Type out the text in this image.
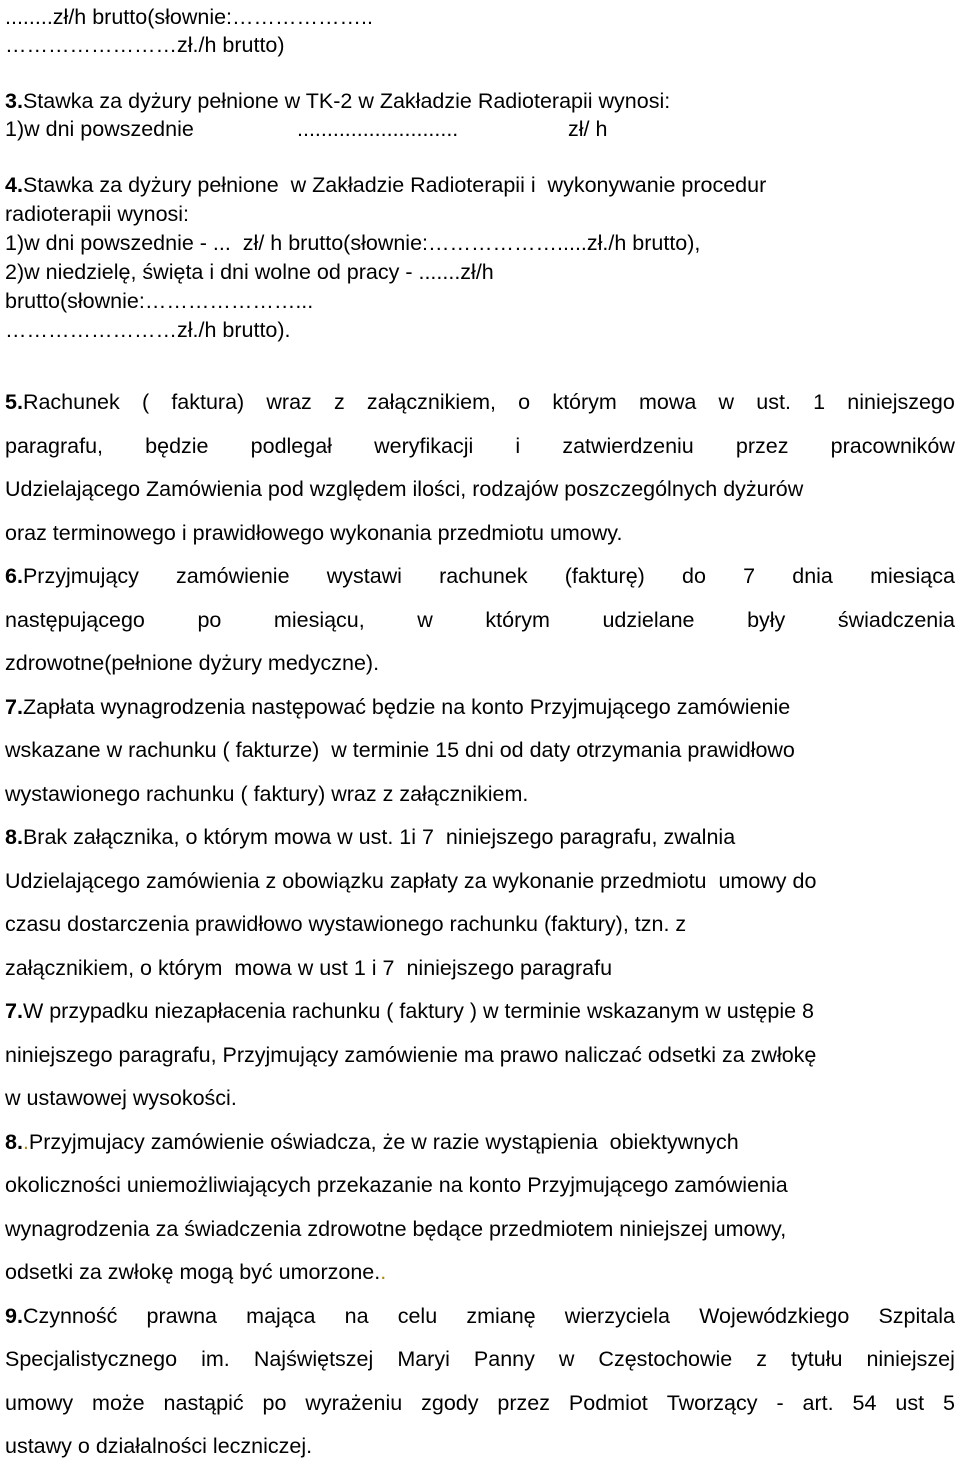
........zł/h brutto(słownie:………………..
……………………zł./h brutto)
3.Stawka za dyżury pełnione w TK-2 w Zakładzie Radioterapii wynosi:
1)w dni powszednie	...........................	zł/ h
4.Stawka za dyżury pełnione  w Zakładzie Radioterapii i  wykonywanie procedur
radioterapii wynosi:
1)w dni powszednie - ...  zł/ h brutto(słownie:……………….....zł./h brutto),
2)w niedzielę, święta i dni wolne od pracy - .......zł/h
brutto(słownie:…………………...
……………………zł./h brutto).
5.Rachunek ( faktura) wraz z załącznikiem, o którym mowa w ust. 1 niniejszego
paragrafu, będzie podlegał weryfikacji i zatwierdzeniu przez pracowników
Udzielającego Zamówienia pod względem ilości, rodzajów poszczególnych dyżurów
oraz terminowego i prawidłowego wykonania przedmiotu umowy.
6.Przyjmujący zamówienie wystawi rachunek (fakturę) do 7 dnia miesiąca
następującego po miesiącu, w którym udzielane były świadczenia
zdrowotne(pełnione dyżury medyczne).
7.Zapłata wynagrodzenia następować będzie na konto Przyjmującego zamówienie
wskazane w rachunku ( fakturze)  w terminie 15 dni od daty otrzymania prawidłowo
wystawionego rachunku ( faktury) wraz z załącznikiem.
8.Brak załącznika, o którym mowa w ust. 1i 7  niniejszego paragrafu, zwalnia
Udzielającego zamówienia z obowiązku zapłaty za wykonanie przedmiotu  umowy do
czasu dostarczenia prawidłowo wystawionego rachunku (faktury), tzn. z
załącznikiem, o którym  mowa w ust 1 i 7  niniejszego paragrafu
7.W przypadku niezapłacenia rachunku ( faktury ) w terminie wskazanym w ustępie 8
niniejszego paragrafu, Przyjmujący zamówienie ma prawo naliczać odsetki za zwłokę
w ustawowej wysokości.
8..Przyjmujacy zamówienie oświadcza, że w razie wystąpienia  obiektywnych
okoliczności uniemożliwiających przekazanie na konto Przyjmującego zamówienia
wynagrodzenia za świadczenia zdrowotne będące przedmiotem niniejszej umowy,
odsetki za zwłokę mogą być umorzone..
9.Czynność prawna mająca na celu zmianę wierzyciela Wojewódzkiego Szpitala
Specjalistycznego im. Najświętszej Maryi Panny w Częstochowie z tytułu niniejszej
umowy może nastąpić po wyrażeniu zgody przez Podmiot Tworzący - art. 54 ust 5
ustawy o działalności leczniczej.
